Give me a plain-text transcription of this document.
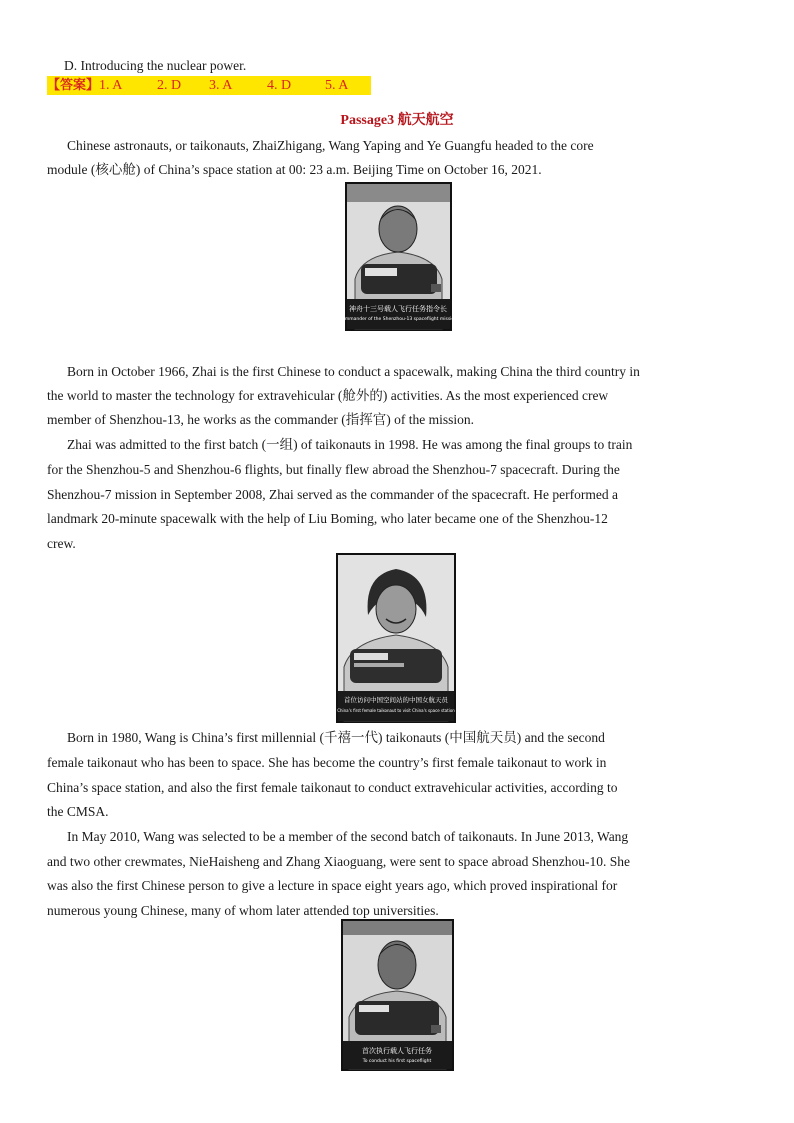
D. Introducing the nuclear power.
【答案】1. A 2. D 3. A 4. D 5. A
Passage3 航天航空
Chinese astronauts, or taikonauts, ZhaiZhigang, Wang Yaping and Ye Guangfu headed to the core
module (核心舱) of China’s space station at 00: 23 a.m. Beijing Time on October 16, 2021.
神舟十三号载人飞行任务指令长
Commander of the Shenzhou-13 spaceflight mission
Born in October 1966, Zhai is the first Chinese to conduct a spacewalk, making China the third country in
the world to master the technology for extravehicular (舱外的) activities. As the most experienced crew
member of Shenzhou-13, he works as the commander (指挥官) of the mission.
Zhai was admitted to the first batch (一组) of taikonauts in 1998. He was among the final groups to train
for the Shenzhou-5 and Shenzhou-6 flights, but finally flew abroad the Shenzhou-7 spacecraft. During the
Shenzhou-7 mission in September 2008, Zhai served as the commander of the spacecraft. He performed a
landmark 20-minute spacewalk with the help of Liu Boming, who later became one of the Shenzhou-12
crew.
首位访问中国空间站的中国女航天员
China's first female taikonaut to visit China's space station
Born in 1980, Wang is China’s first millennial (千禧一代) taikonauts (中国航天员) and the second
female taikonaut who has been to space. She has become the country’s first female taikonaut to work in
China’s space station, and also the first female taikonaut to conduct extravehicular activities, according to
the CMSA.
In May 2010, Wang was selected to be a member of the second batch of taikonauts. In June 2013, Wang
and two other crewmates, NieHaisheng and Zhang Xiaoguang, were sent to space abroad Shenzhou-10. She
was also the first Chinese person to give a lecture in space eight years ago, which proved inspirational for
numerous young Chinese, many of whom later attended top universities.
首次执行载人飞行任务
To conduct his first spaceflight
